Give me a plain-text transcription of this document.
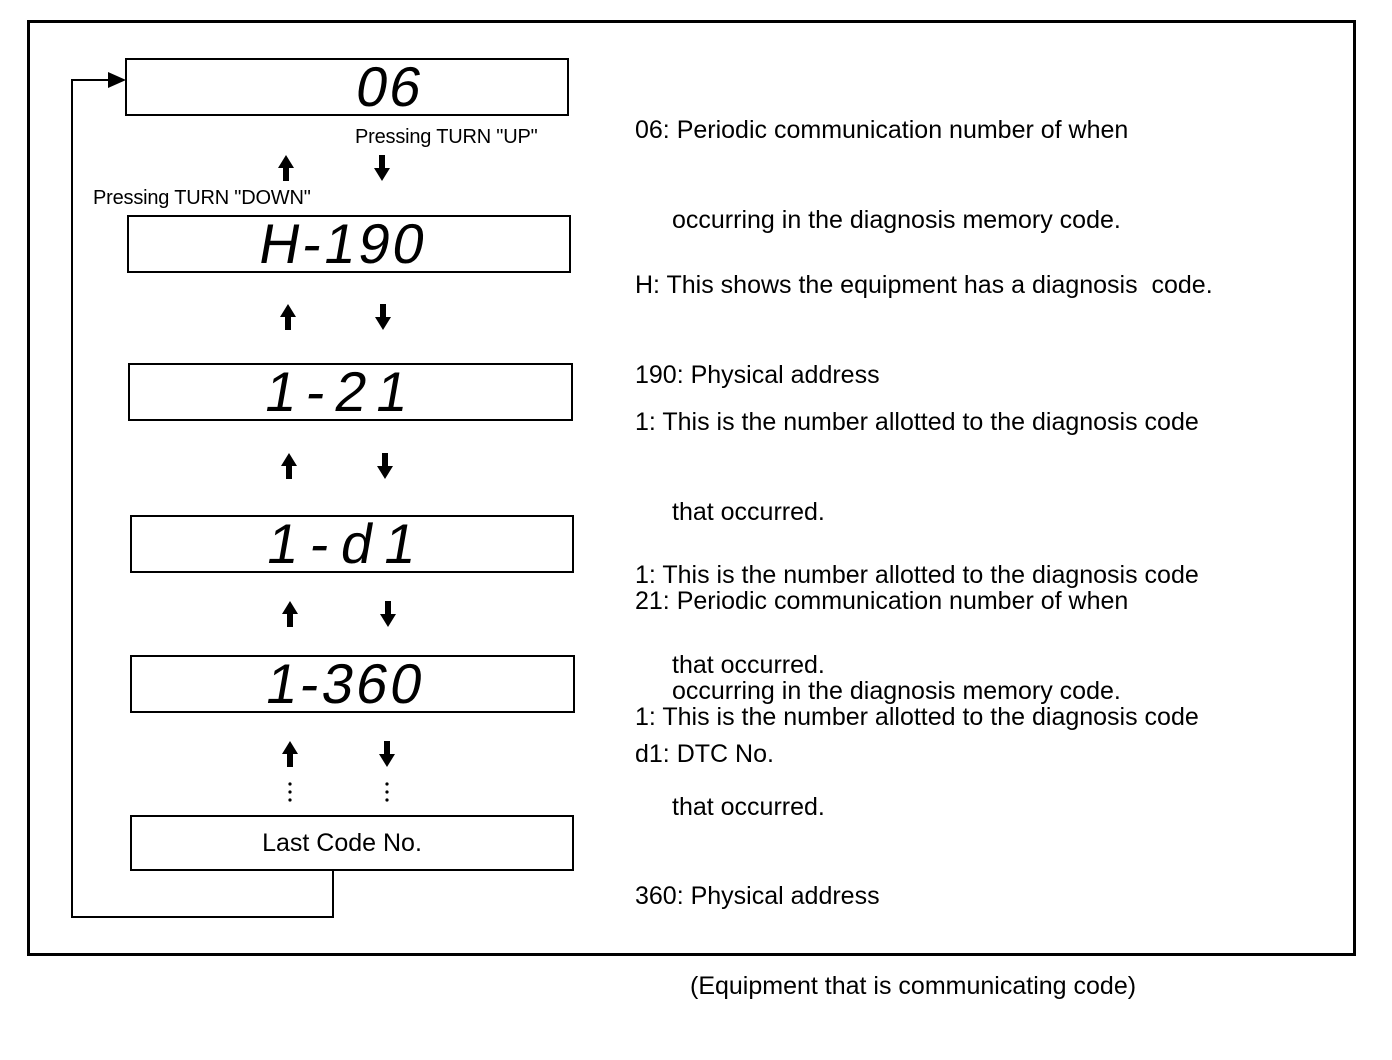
06
H-190
1-21
1-d1
1-360
Last Code No.
Pressing TURN "UP"
Pressing TURN "DOWN"

06: Periodic communication number of when

occurring in the diagnosis memory code.

H: This shows the equipment has a diagnosis  code.

190: Physical address

1: This is the number allotted to the diagnosis code

that occurred.

21: Periodic communication number of when

occurring in the diagnosis memory code.

1: This is the number allotted to the diagnosis code

that occurred.

d1: DTC No.

1: This is the number allotted to the diagnosis code

that occurred.

360: Physical address

(Equipment that is communicating code)
